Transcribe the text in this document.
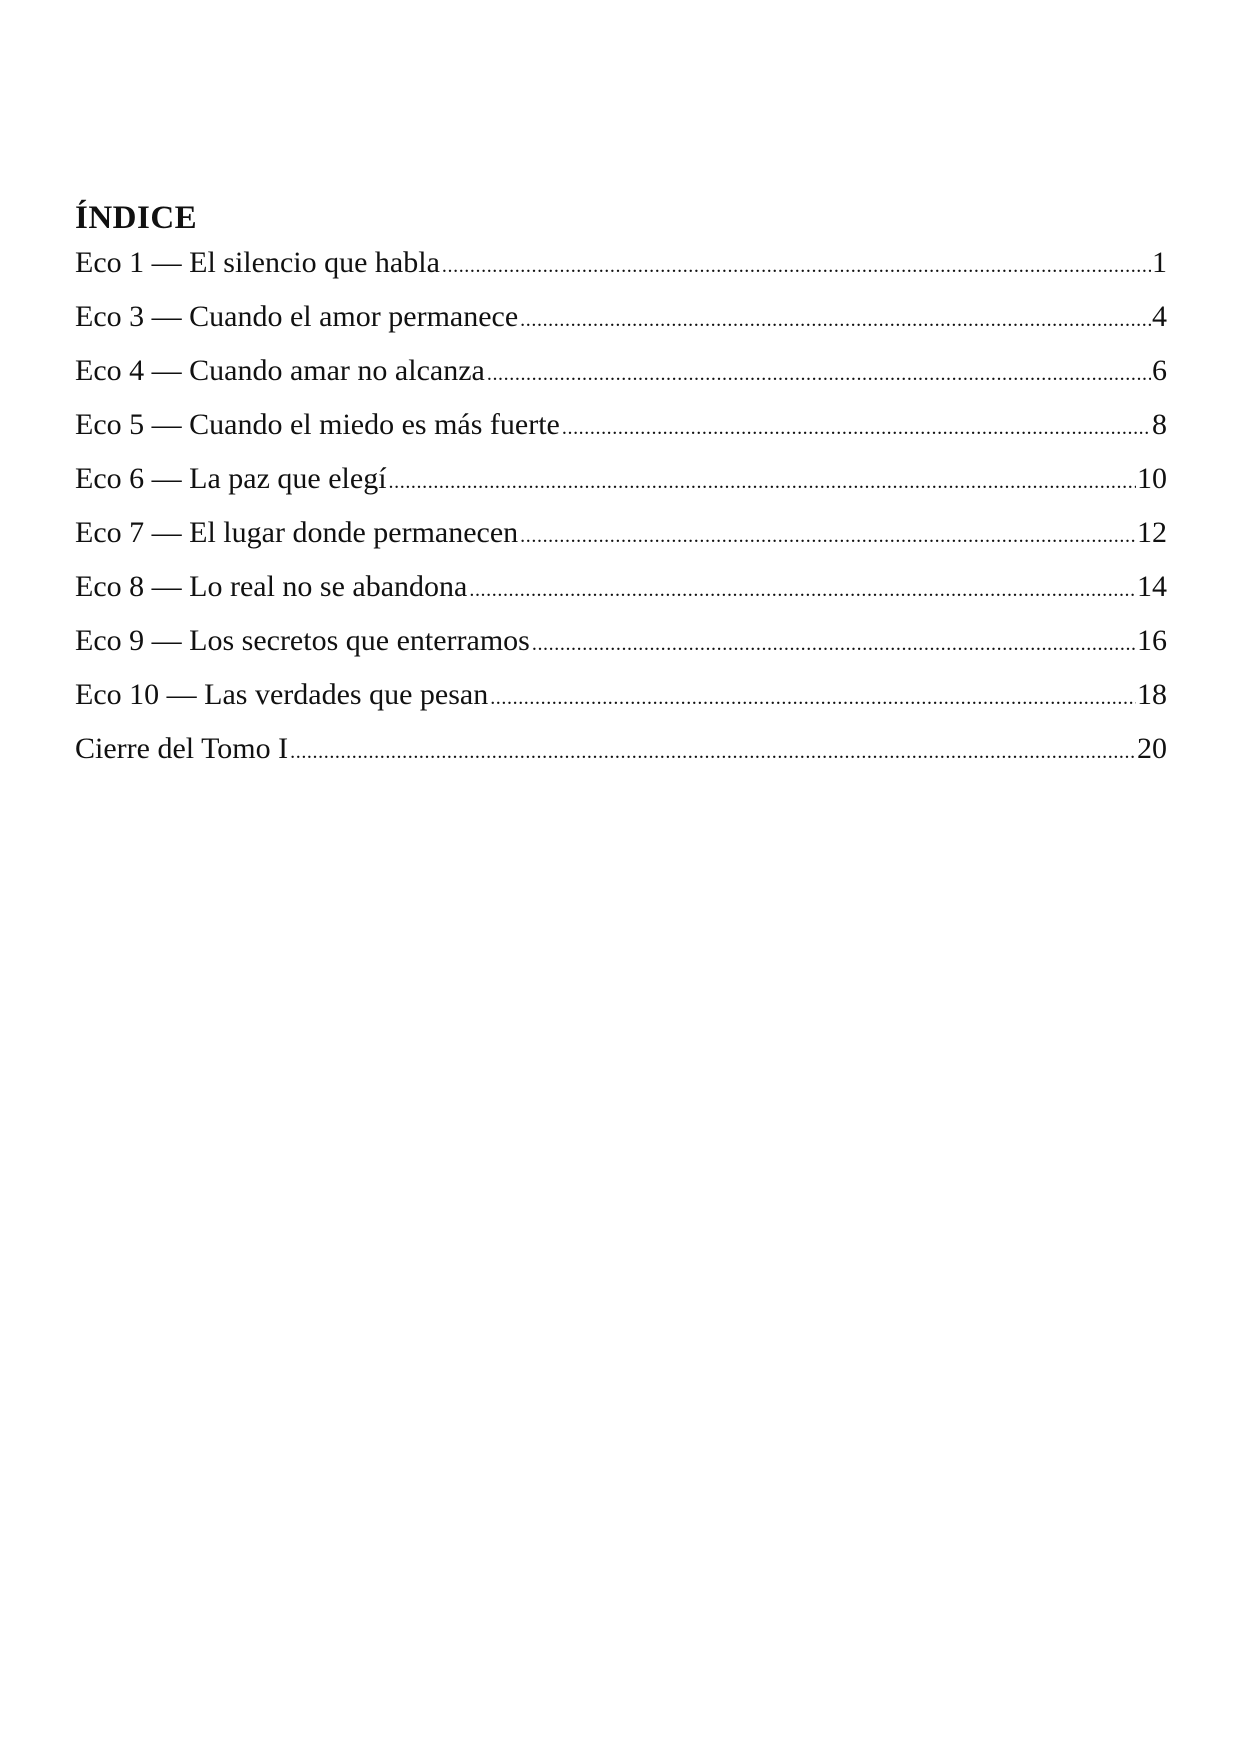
ÍNDICE
Eco 1 — El silencio que habla .....	1
Eco 3 — Cuando el amor permanece .....	4
Eco 4 — Cuando amar no alcanza .....	6
Eco 5 — Cuando el miedo es más fuerte .....	8
Eco 6 — La paz que elegí .....	10
Eco 7 — El lugar donde permanecen .....	12
Eco 8 — Lo real no se abandona .....	14
Eco 9 — Los secretos que enterramos .....	16
Eco 10 — Las verdades que pesan .....	18
Cierre del Tomo I .....	20
